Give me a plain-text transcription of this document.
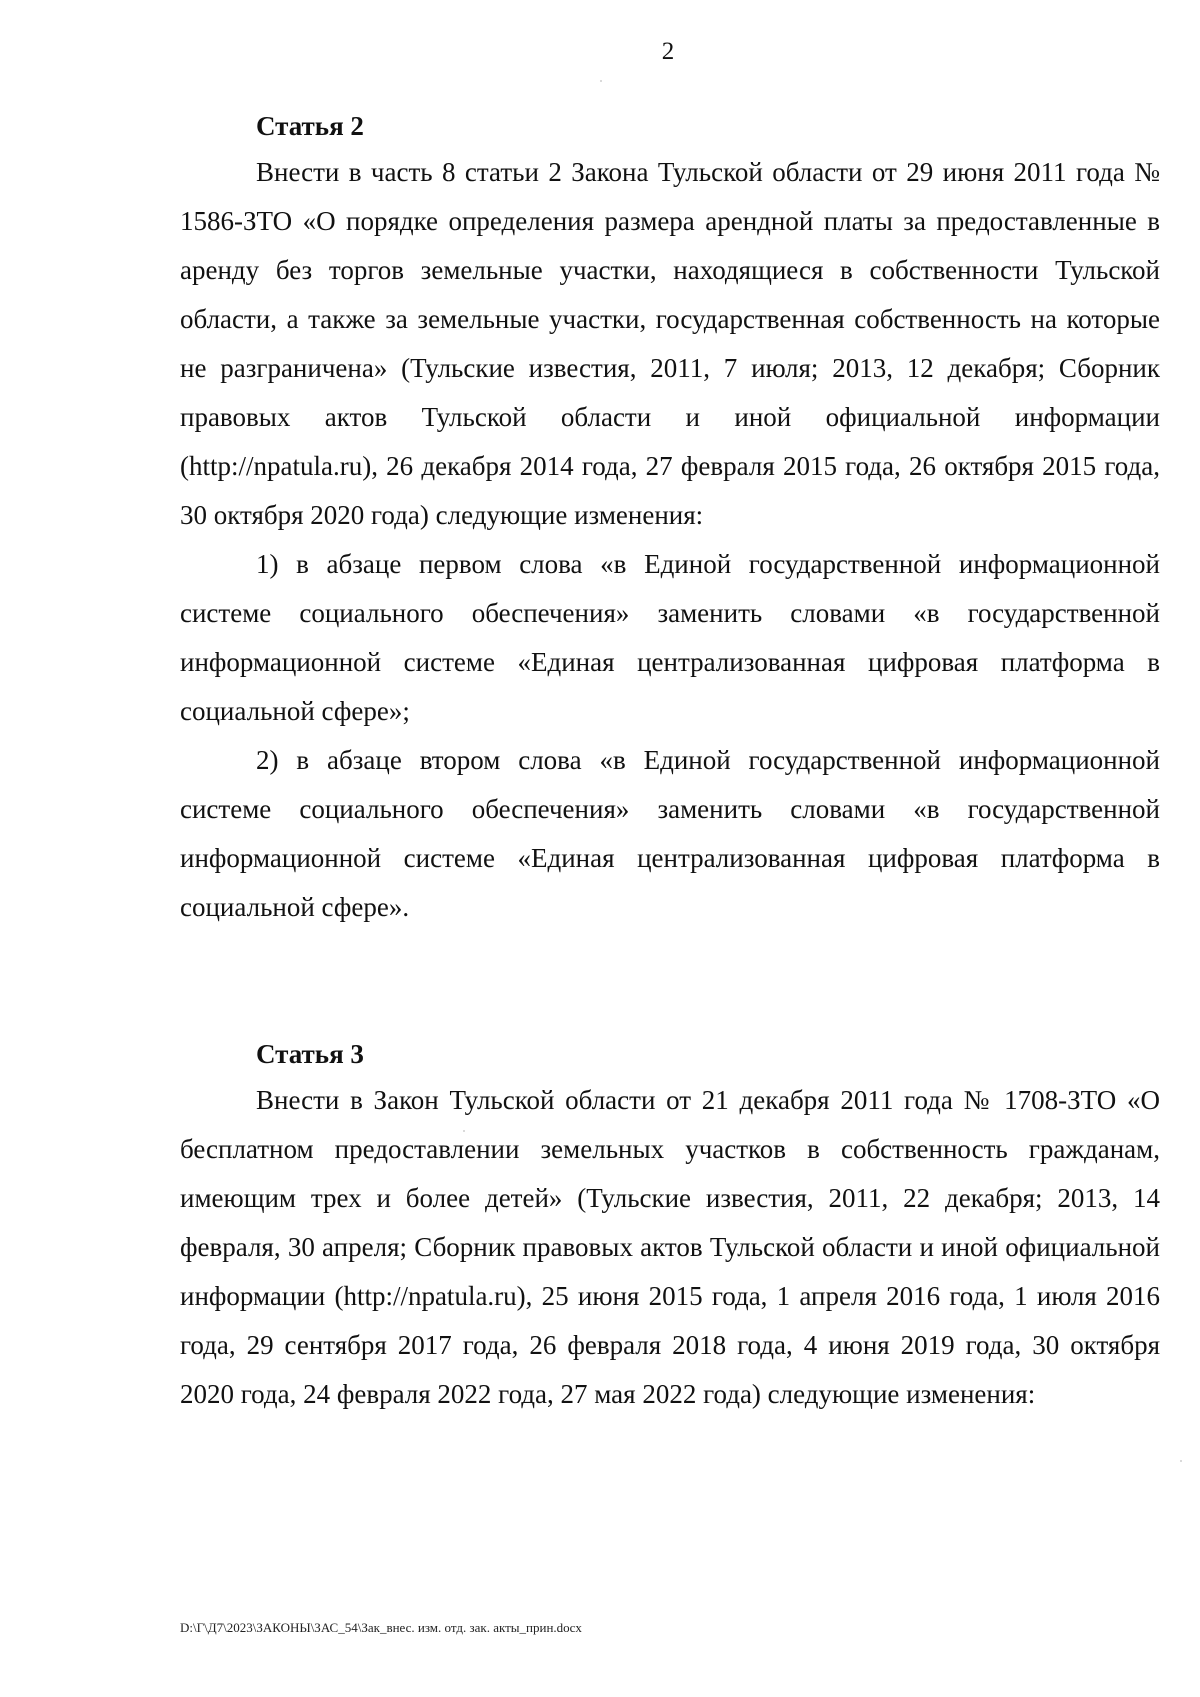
2
Статья 2

Внести в часть 8 статьи 2 Закона Тульской области от 29 июня 2011 года № 1586-ЗТО «О порядке определения размера арендной платы за предоставленные в аренду без торгов земельные участки, находящиеся в собственности Тульской области, а также за земельные участки, государственная собственность на которые не разграничена» (Тульские известия, 2011, 7 июля; 2013, 12 декабря; Сборник правовых актов Тульской области и иной официальной информации (http://npatula.ru), 26 декабря 2014 года, 27 февраля 2015 года, 26 октября 2015 года, 30 октября 2020 года) следующие изменения:

1) в абзаце первом слова «в Единой государственной информационной системе социального обеспечения» заменить словами «в государственной информационной системе «Единая централизованная цифровая платформа в социальной сфере»;

2) в абзаце втором слова «в Единой государственной информационной системе социального обеспечения» заменить словами «в государственной информационной системе «Единая централизованная цифровая платформа в социальной сфере».

Статья 3

Внести в Закон Тульской области от 21 декабря 2011 года № 1708-ЗТО «О бесплатном предоставлении земельных участков в собственность гражданам, имеющим трех и более детей» (Тульские известия, 2011, 22 декабря; 2013, 14 февраля, 30 апреля; Сборник правовых актов Тульской области и иной официальной информации (http://npatula.ru), 25 июня 2015 года, 1 апреля 2016 года, 1 июля 2016 года, 29 сентября 2017 года, 26 февраля 2018 года, 4 июня 2019 года, 30 октября 2020 года, 24 февраля 2022 года, 27 мая 2022 года) следующие изменения:

D:\Г\Д7\2023\ЗАКОНЫ\ЗАС_54\Зак_внес. изм. отд. зак. акты_прин.docx
